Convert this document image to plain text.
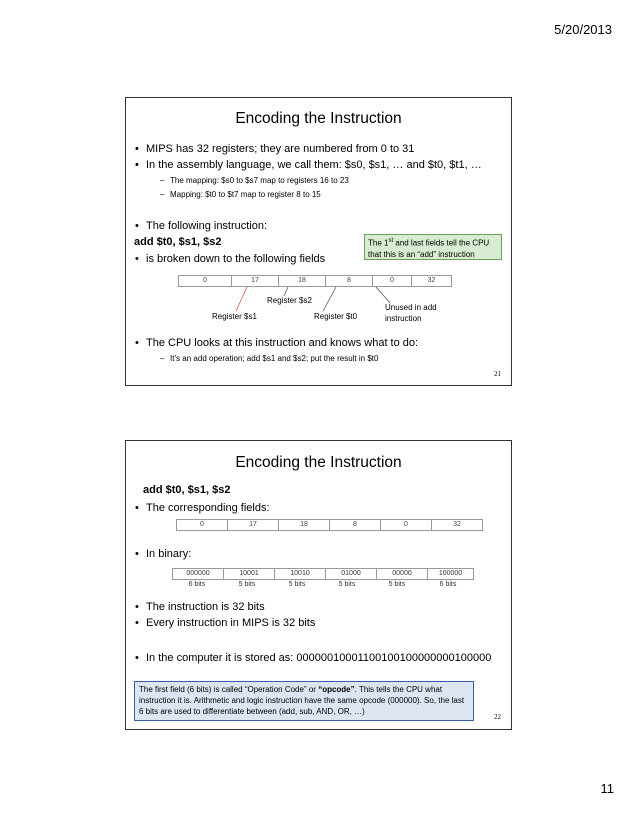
5/20/2013
Encoding the Instruction
• MIPS has 32 registers; they are numbered from 0 to 31
• In the assembly language, we call them: $s0, $s1, … and $t0, $t1, …
– The mapping: $s0 to $s7 map to registers 16 to 23
– Mapping: $t0 to $t7 map to register 8 to 15
• The following instruction:
add $t0, $s1, $s2
• is broken down to the following fields
The 1st and last fields tell the CPU that this is an “add” instruction
0	17	18	8	0	32
Register $s2
Register $s1	Register $t0
Unused in add
instruction
• The CPU looks at this instruction and knows what to do:
– It’s an add operation; add $s1 and $s2; put the result in $t0
21
Encoding the Instruction
add $t0, $s1, $s2
• The corresponding fields:
0	17	18	8	0	32
• In binary:
000000	10001	10010	01000	00000	100000
6 bits	5 bits	5 bits	5 bits	5 bits	6 bits
• The instruction is 32 bits
• Every instruction in MIPS is 32 bits
• In the computer it is stored as: 00000010001100100100000000100000
The first field (6 bits) is called “Operation Code” or “opcode”. This tells the CPU what instruction it is. Arithmetic and logic instruction have the same opcode (000000). So, the last 6 bits are used to differentiate between (add, sub, AND, OR, …)
22
11
